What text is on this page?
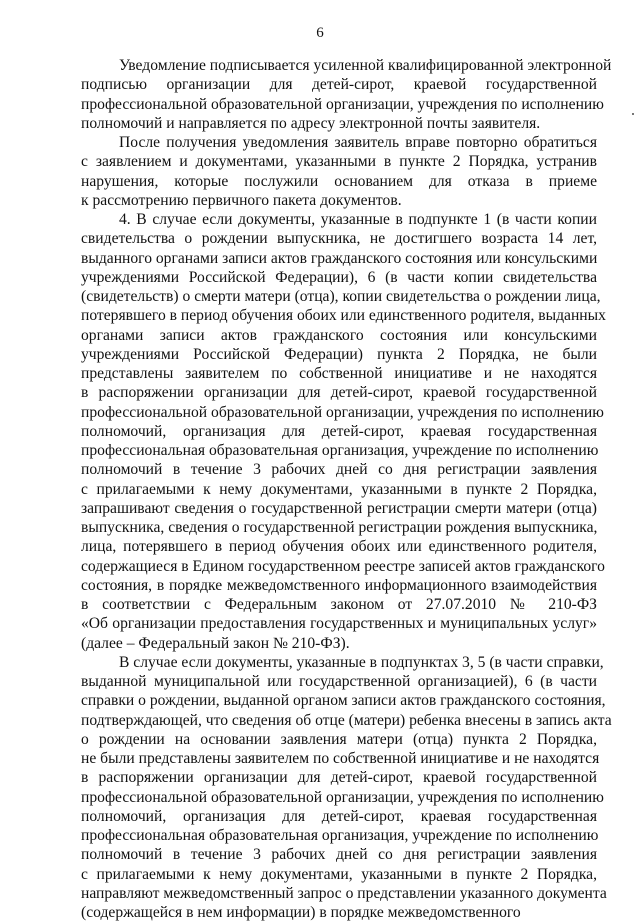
6
Уведомление подписывается усиленной квалифицированной электронной
подписью организации для детей-сирот, краевой государственной
профессиональной образовательной организации, учреждения по исполнению
полномочий и направляется по адресу электронной почты заявителя.
После получения уведомления заявитель вправе повторно обратиться
с заявлением и документами, указанными в пункте 2 Порядка, устранив
нарушения, которые послужили основанием для отказа в приеме
к рассмотрению первичного пакета документов.
4. В случае если документы, указанные в подпункте 1 (в части копии
свидетельства о рождении выпускника, не достигшего возраста 14 лет,
выданного органами записи актов гражданского состояния или консульскими
учреждениями Российской Федерации), 6 (в части копии свидетельства
(свидетельств) о смерти матери (отца), копии свидетельства о рождении лица,
потерявшего в период обучения обоих или единственного родителя, выданных
органами записи актов гражданского состояния или консульскими
учреждениями Российской Федерации) пункта 2 Порядка, не были
представлены заявителем по собственной инициативе и не находятся
в распоряжении организации для детей-сирот, краевой государственной
профессиональной образовательной организации, учреждения по исполнению
полномочий, организация для детей-сирот, краевая государственная
профессиональная образовательная организация, учреждение по исполнению
полномочий в течение 3 рабочих дней со дня регистрации заявления
с прилагаемыми к нему документами, указанными в пункте 2 Порядка,
запрашивают сведения о государственной регистрации смерти матери (отца)
выпускника, сведения о государственной регистрации рождения выпускника,
лица, потерявшего в период обучения обоих или единственного родителя,
содержащиеся в Едином государственном реестре записей актов гражданского
состояния, в порядке межведомственного информационного взаимодействия
в соответствии с Федеральным законом от 27.07.2010 № 210-ФЗ
«Об организации предоставления государственных и муниципальных услуг»
(далее – Федеральный закон № 210-ФЗ).
В случае если документы, указанные в подпунктах 3, 5 (в части справки,
выданной муниципальной или государственной организацией), 6 (в части
справки о рождении, выданной органом записи актов гражданского состояния,
подтверждающей, что сведения об отце (матери) ребенка внесены в запись акта
о рождении на основании заявления матери (отца) пункта 2 Порядка,
не были представлены заявителем по собственной инициативе и не находятся
в распоряжении организации для детей-сирот, краевой государственной
профессиональной образовательной организации, учреждения по исполнению
полномочий, организация для детей-сирот, краевая государственная
профессиональная образовательная организация, учреждение по исполнению
полномочий в течение 3 рабочих дней со дня регистрации заявления
с прилагаемыми к нему документами, указанными в пункте 2 Порядка,
направляют межведомственный запрос о представлении указанного документа
(содержащейся в нем информации) в порядке межведомственного
